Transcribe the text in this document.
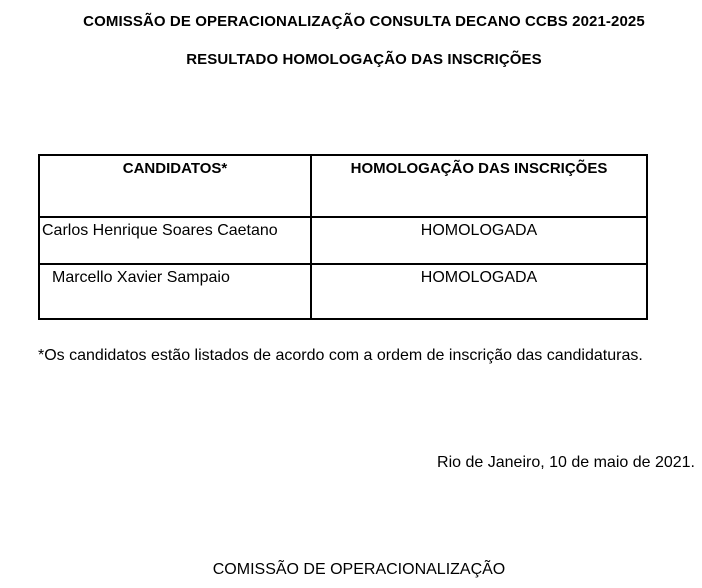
COMISSÃO DE OPERACIONALIZAÇÃO CONSULTA DECANO CCBS 2021-2025
RESULTADO HOMOLOGAÇÃO DAS INSCRIÇÕES
CANDIDATOS*	HOMOLOGAÇÃO DAS INSCRIÇÕES
Carlos Henrique Soares Caetano	HOMOLOGADA
Marcello Xavier Sampaio	HOMOLOGADA
*Os candidatos estão listados de acordo com a ordem de inscrição das candidaturas.
Rio de Janeiro, 10 de maio de 2021.
COMISSÃO DE OPERACIONALIZAÇÃO
